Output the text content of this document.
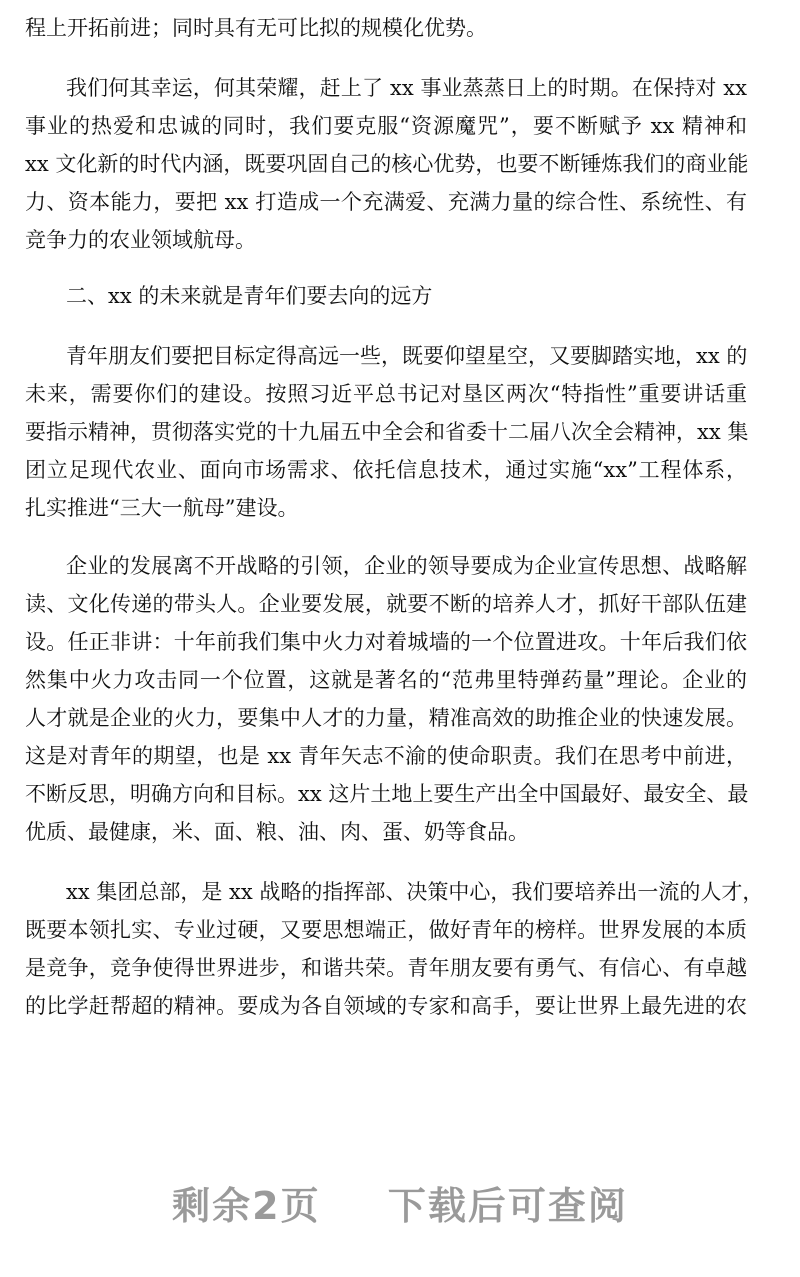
程上开拓前进；同时具有无可比拟的规模化优势。
我们何其幸运，何其荣耀，赶上了 xx 事业蒸蒸日上的时期。在保持对 xx
事业的热爱和忠诚的同时，我们要克服“资源魔咒”，要不断赋予 xx 精神和
xx 文化新的时代内涵，既要巩固自己的核心优势，也要不断锤炼我们的商业能
力、资本能力，要把 xx 打造成一个充满爱、充满力量的综合性、系统性、有
竞争力的农业领域航母。
二、xx 的未来就是青年们要去向的远方
青年朋友们要把目标定得高远一些，既要仰望星空，又要脚踏实地，xx 的
未来，需要你们的建设。按照习近平总书记对垦区两次“特指性”重要讲话重
要指示精神，贯彻落实党的十九届五中全会和省委十二届八次全会精神，xx 集
团立足现代农业、面向市场需求、依托信息技术，通过实施“xx”工程体系，
扎实推进“三大一航母”建设。
企业的发展离不开战略的引领，企业的领导要成为企业宣传思想、战略解
读、文化传递的带头人。企业要发展，就要不断的培养人才，抓好干部队伍建
设。任正非讲：十年前我们集中火力对着城墙的一个位置进攻。十年后我们依
然集中火力攻击同一个位置，这就是著名的“范弗里特弹药量”理论。企业的
人才就是企业的火力，要集中人才的力量，精准高效的助推企业的快速发展。
这是对青年的期望，也是 xx 青年矢志不渝的使命职责。我们在思考中前进，
不断反思，明确方向和目标。xx 这片土地上要生产出全中国最好、最安全、最
优质、最健康，米、面、粮、油、肉、蛋、奶等食品。
xx 集团总部，是 xx 战略的指挥部、决策中心，我们要培养出一流的人才，
既要本领扎实、专业过硬，又要思想端正，做好青年的榜样。世界发展的本质
是竞争，竞争使得世界进步，和谐共荣。青年朋友要有勇气、有信心、有卓越
的比学赶帮超的精神。要成为各自领域的专家和高手，要让世界上最先进的农
剩余2页 下载后可查阅
